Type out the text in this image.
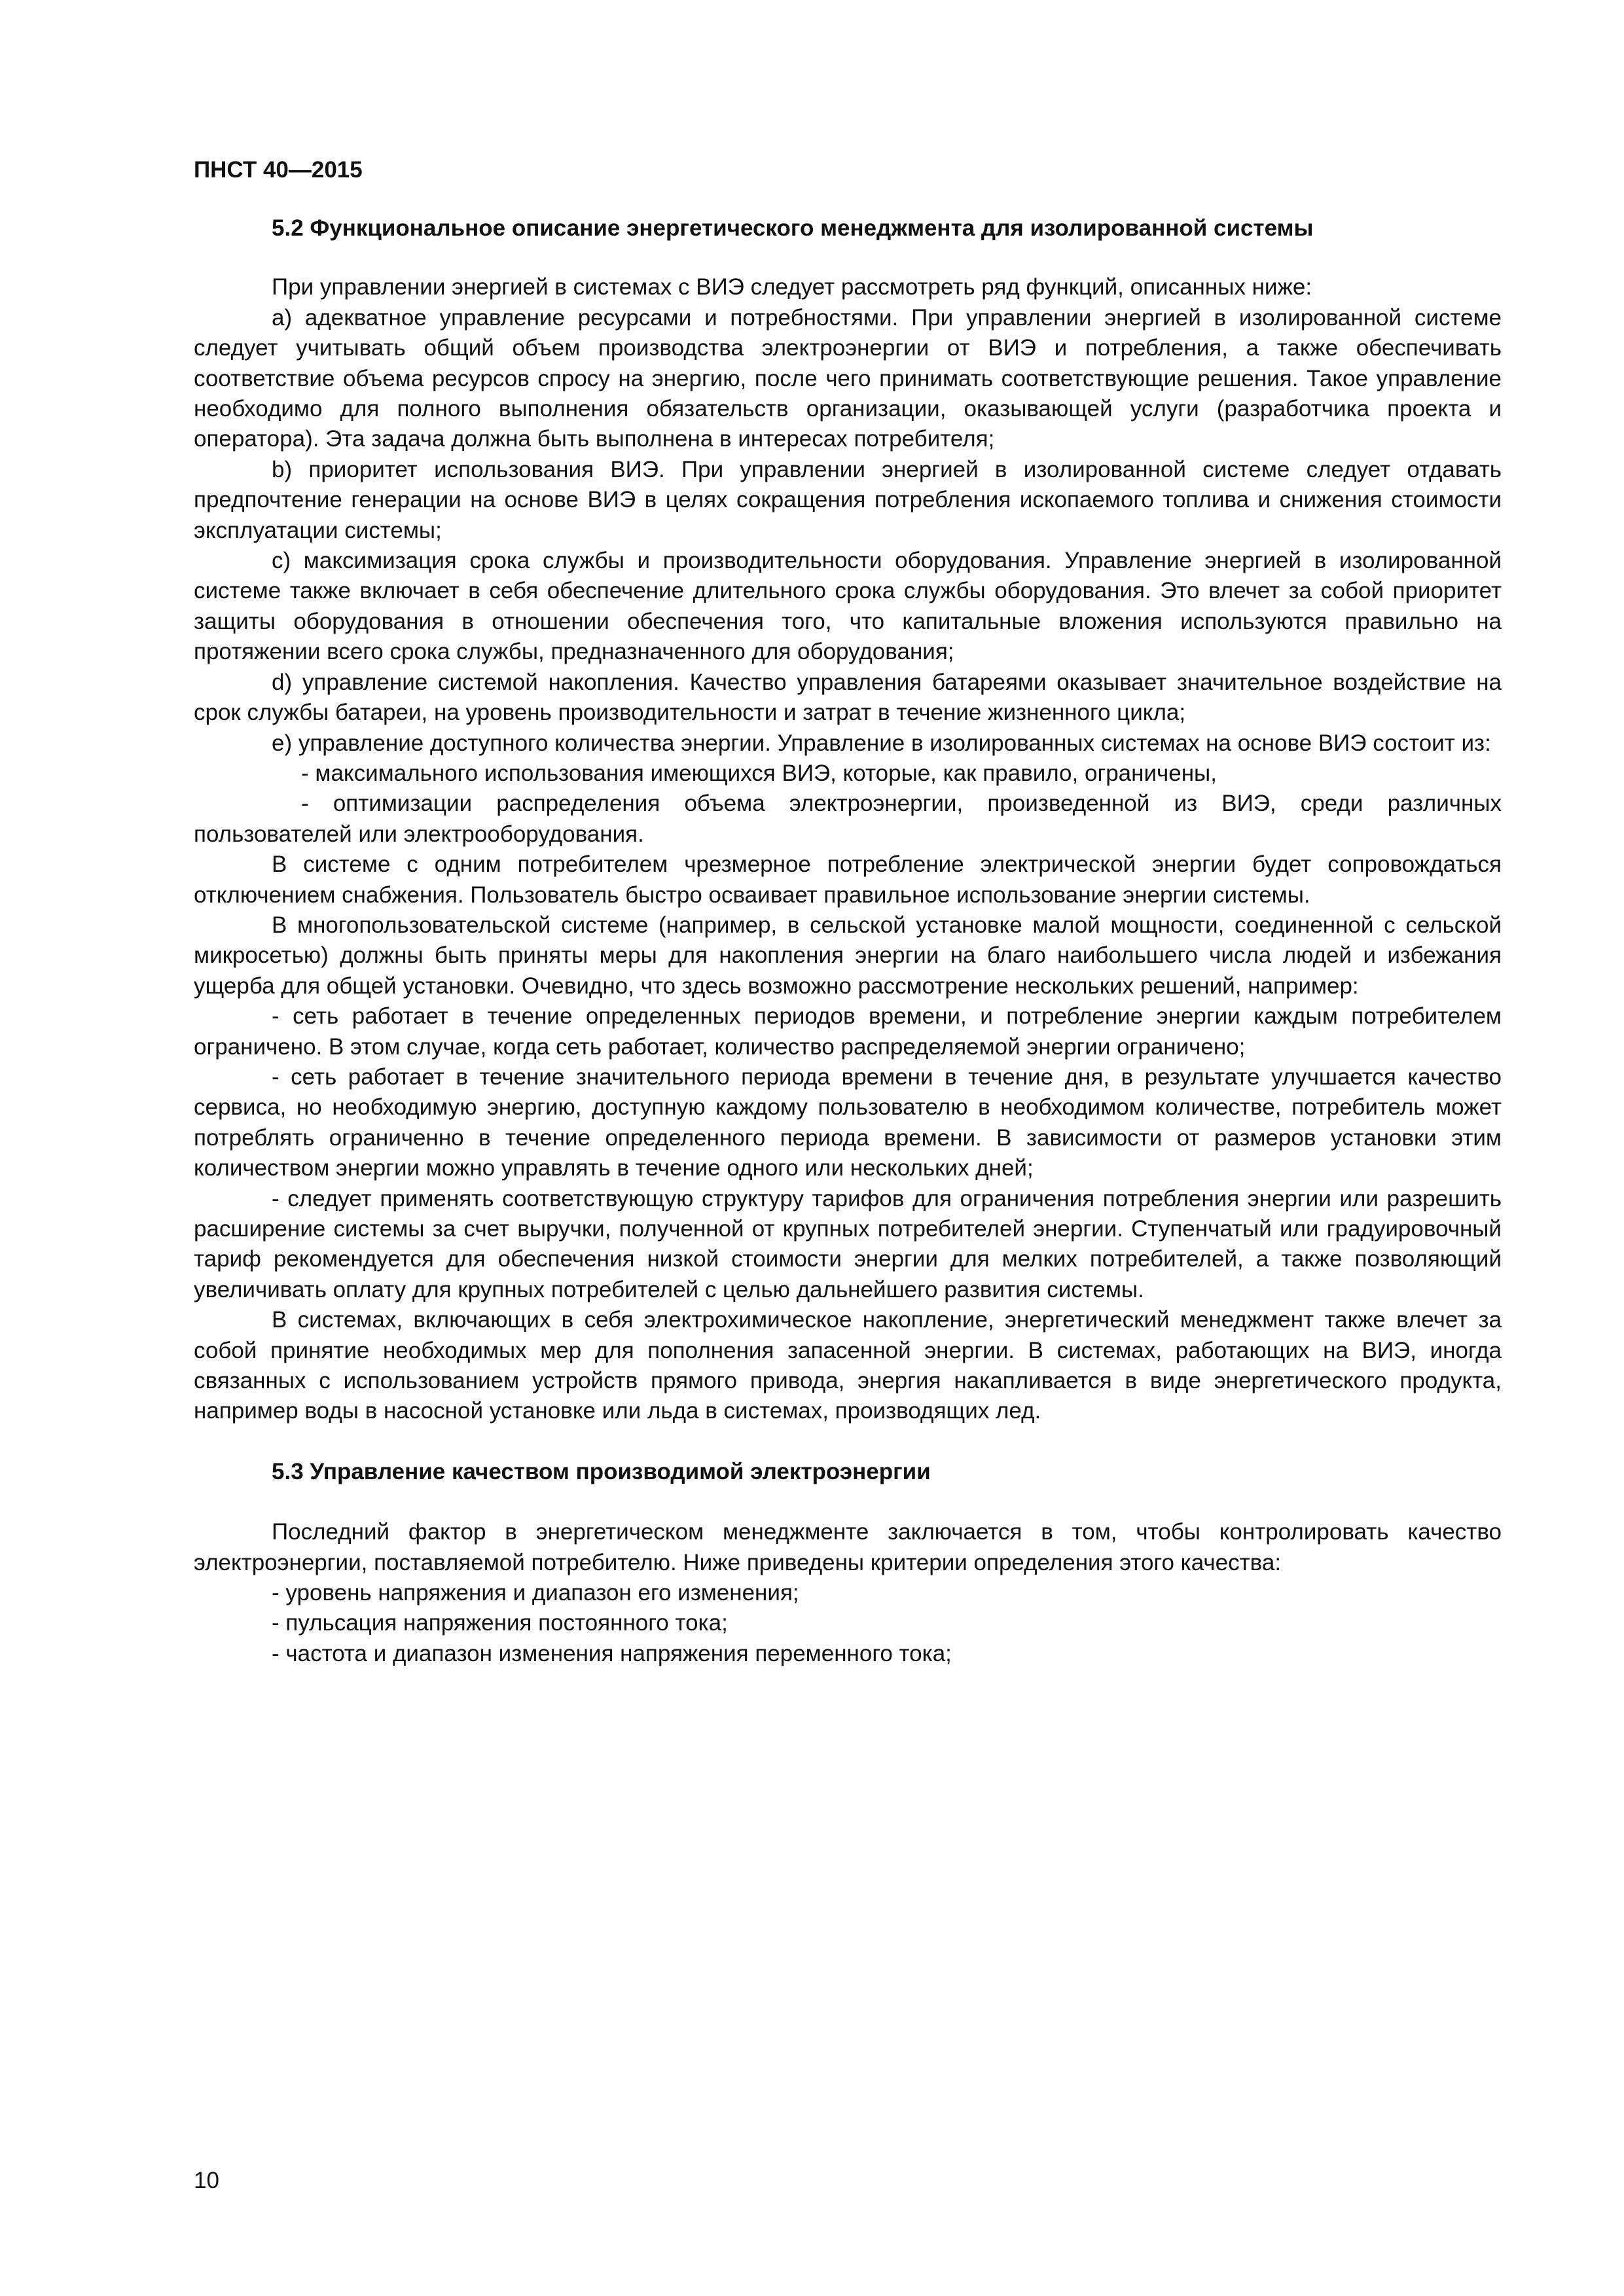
ПНСТ 40—2015
5.2 Функциональное описание энергетического менеджмента для изолированной системы

При управлении энергией в системах с ВИЭ следует рассмотреть ряд функций, описанных ниже:

а) адекватное управление ресурсами и потребностями. При управлении энергией в изолированной системе следует учитывать общий объем производства электроэнергии от ВИЭ и потребления, а также обеспечивать соответствие объема ресурсов спросу на энергию, после чего принимать соответствующие решения. Такое управление необходимо для полного выполнения обязательств организации, оказывающей услуги (разработчика проекта и оператора). Эта задача должна быть выполнена в интересах потребителя;

b) приоритет использования ВИЭ. При управлении энергией в изолированной системе следует отдавать предпочтение генерации на основе ВИЭ в целях сокращения потребления ископаемого топлива и снижения стоимости эксплуатации системы;

с) максимизация срока службы и производительности оборудования. Управление энергией в изолированной системе также включает в себя обеспечение длительного срока службы оборудования. Это влечет за собой приоритет защиты оборудования в отношении обеспечения того, что капитальные вложения используются правильно на протяжении всего срока службы, предназначенного для оборудования;

d) управление системой накопления. Качество управления батареями оказывает значительное воздействие на срок службы батареи, на уровень производительности и затрат в течение жизненного цикла;

е) управление доступного количества энергии. Управление в изолированных системах на основе ВИЭ состоит из:

- максимального использования имеющихся ВИЭ, которые, как правило, ограничены,

- оптимизации распределения объема электроэнергии, произведенной из ВИЭ, среди различных пользователей или электрооборудования.

В системе с одним потребителем чрезмерное потребление электрической энергии будет сопровождаться отключением снабжения. Пользователь быстро осваивает правильное использование энергии системы.

В многопользовательской системе (например, в сельской установке малой мощности, соединенной с сельской микросетью) должны быть приняты меры для накопления энергии на благо наибольшего числа людей и избежания ущерба для общей установки. Очевидно, что здесь возможно рассмотрение нескольких решений, например:

- сеть работает в течение определенных периодов времени, и потребление энергии каждым потребителем ограничено. В этом случае, когда сеть работает, количество распределяемой энергии ограничено;

- сеть работает в течение значительного периода времени в течение дня, в результате улучшается качество сервиса, но необходимую энергию, доступную каждому пользователю в необходимом количестве, потребитель может потреблять ограниченно в течение определенного периода времени. В зависимости от размеров установки этим количеством энергии можно управлять в течение одного или нескольких дней;

- следует применять соответствующую структуру тарифов для ограничения потребления энергии или разрешить расширение системы за счет выручки, полученной от крупных потребителей энергии. Ступенчатый или градуировочный тариф рекомендуется для обеспечения низкой стоимости энергии для мелких потребителей, а также позволяющий увеличивать оплату для крупных потребителей с целью дальнейшего развития системы.

В системах, включающих в себя электрохимическое накопление, энергетический менеджмент также влечет за собой принятие необходимых мер для пополнения запасенной энергии. В системах, работающих на ВИЭ, иногда связанных с использованием устройств прямого привода, энергия накапливается в виде энергетического продукта, например воды в насосной установке или льда в системах, производящих лед.

5.3 Управление качеством производимой электроэнергии

Последний фактор в энергетическом менеджменте заключается в том, чтобы контролировать качество электроэнергии, поставляемой потребителю. Ниже приведены критерии определения этого качества:

- уровень напряжения и диапазон его изменения;

- пульсация напряжения постоянного тока;

- частота и диапазон изменения напряжения переменного тока;

10
